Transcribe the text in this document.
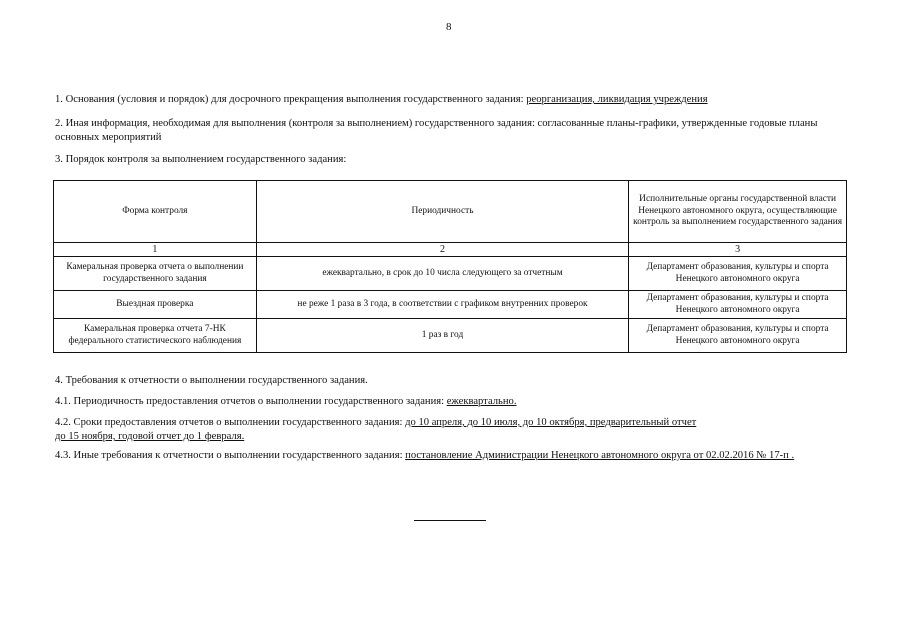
8
1. Основания (условия и порядок) для досрочного прекращения выполнения государственного задания: реорганизация, ликвидация учреждения
2. Иная информация, необходимая для выполнения (контроля за выполнением) государственного задания: согласованные планы-графики, утвержденные годовые планы основных мероприятий
3. Порядок контроля за выполнением государственного задания:
Форма контроля	Периодичность	Исполнительные органы государственной власти Ненецкого автономного округа, осуществляющие контроль за выполнением государственного задания
1	2	3
Камеральная проверка отчета о выполнении государственного задания	ежеквартально, в срок до 10 числа следующего за отчетным	Департамент образования, культуры и спорта Ненецкого автономного округа
Выездная проверка	не реже 1 раза в 3 года, в соответствии с графиком внутренних проверок	Департамент образования, культуры и спорта Ненецкого автономного округа
Камеральная проверка отчета 7-НК федерального статистического наблюдения	1 раз в год	Департамент образования, культуры и спорта Ненецкого автономного округа
4. Требования к отчетности о выполнении государственного задания.
4.1. Периодичность предоставления отчетов о выполнении государственного задания: ежеквартально.
4.2. Сроки предоставления отчетов о выполнении государственного задания: до 10 апреля, до 10 июля, до 10 октября, предварительный отчет
до 15 ноября, годовой отчет до 1 февраля.
4.3. Иные требования к отчетности о выполнении государственного задания: постановление Администрации Ненецкого автономного округа от 02.02.2016 № 17-п .
